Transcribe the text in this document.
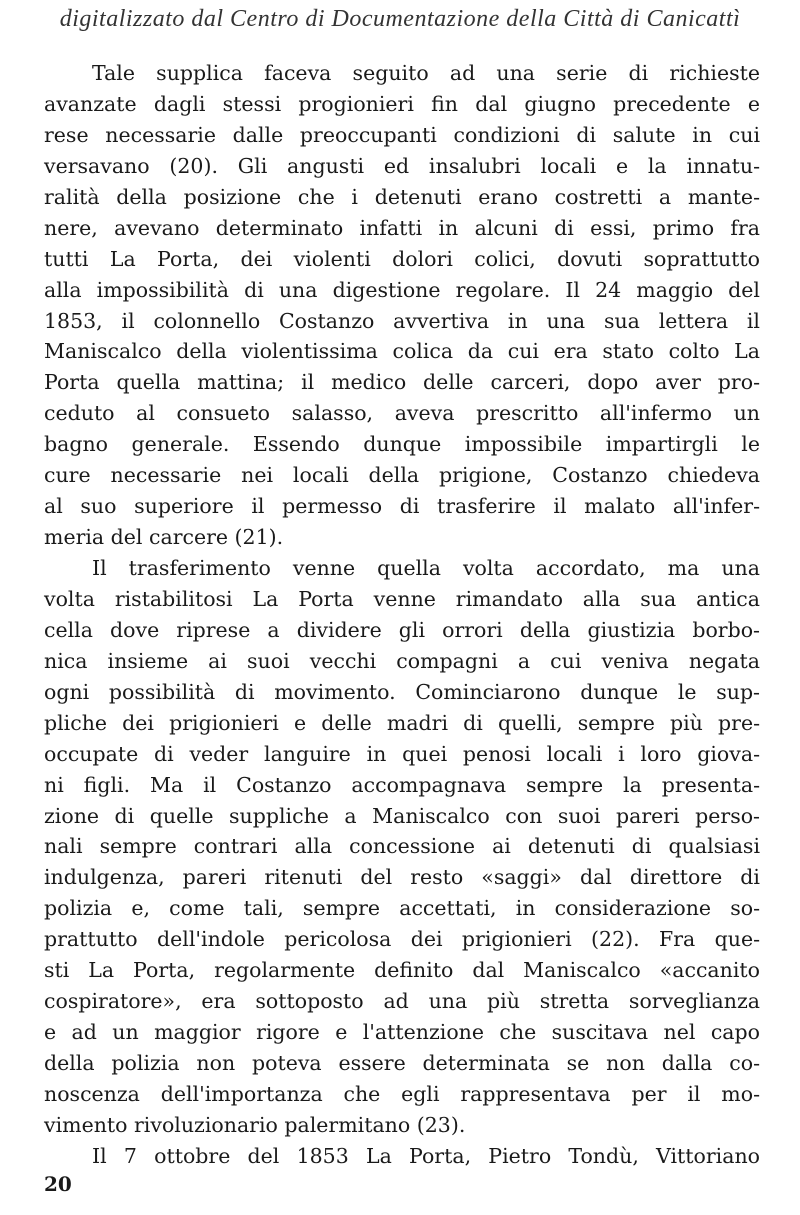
digitalizzato dal Centro di Documentazione della Città di Canicattì
Tale supplica faceva seguito ad una serie di richieste
avanzate dagli stessi progionieri fin dal giugno precedente e
rese necessarie dalle preoccupanti condizioni di salute in cui
versavano (20). Gli angusti ed insalubri locali e la innatu-
ralità della posizione che i detenuti erano costretti a mante-
nere, avevano determinato infatti in alcuni di essi, primo fra
tutti La Porta, dei violenti dolori colici, dovuti soprattutto
alla impossibilità di una digestione regolare. Il 24 maggio del
1853, il colonnello Costanzo avvertiva in una sua lettera il
Maniscalco della violentissima colica da cui era stato colto La
Porta quella mattina; il medico delle carceri, dopo aver pro-
ceduto al consueto salasso, aveva prescritto all'infermo un
bagno generale. Essendo dunque impossibile impartirgli le
cure necessarie nei locali della prigione, Costanzo chiedeva
al suo superiore il permesso di trasferire il malato all'infer-
meria del carcere (21).
Il trasferimento venne quella volta accordato, ma una
volta ristabilitosi La Porta venne rimandato alla sua antica
cella dove riprese a dividere gli orrori della giustizia borbo-
nica insieme ai suoi vecchi compagni a cui veniva negata
ogni possibilità di movimento. Cominciarono dunque le sup-
pliche dei prigionieri e delle madri di quelli, sempre più pre-
occupate di veder languire in quei penosi locali i loro giova-
ni figli. Ma il Costanzo accompagnava sempre la presenta-
zione di quelle suppliche a Maniscalco con suoi pareri perso-
nali sempre contrari alla concessione ai detenuti di qualsiasi
indulgenza, pareri ritenuti del resto «saggi» dal direttore di
polizia e, come tali, sempre accettati, in considerazione so-
prattutto dell'indole pericolosa dei prigionieri (22). Fra que-
sti La Porta, regolarmente definito dal Maniscalco «accanito
cospiratore», era sottoposto ad una più stretta sorveglianza
e ad un maggior rigore e l'attenzione che suscitava nel capo
della polizia non poteva essere determinata se non dalla co-
noscenza dell'importanza che egli rappresentava per il mo-
vimento rivoluzionario palermitano (23).
Il 7 ottobre del 1853 La Porta, Pietro Tondù, Vittoriano
20
